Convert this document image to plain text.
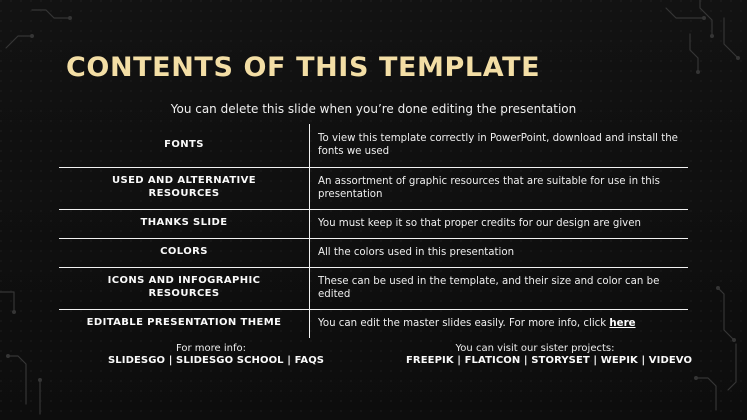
CONTENTS OF THIS TEMPLATE
You can delete this slide when you’re done editing the presentation
FONTS	To view this template correctly in PowerPoint, download and install the fonts we used
USED AND ALTERNATIVE RESOURCES	An assortment of graphic resources that are suitable for use in this presentation
THANKS SLIDE	You must keep it so that proper credits for our design are given
COLORS	All the colors used in this presentation
ICONS AND INFOGRAPHIC RESOURCES	These can be used in the template, and their size and color can be edited
EDITABLE PRESENTATION THEME	You can edit the master slides easily. For more info, click here
For more info:
SLIDESGO | SLIDESGO SCHOOL | FAQS
You can visit our sister projects:
FREEPIK | FLATICON | STORYSET | WEPIK | VIDEVO
